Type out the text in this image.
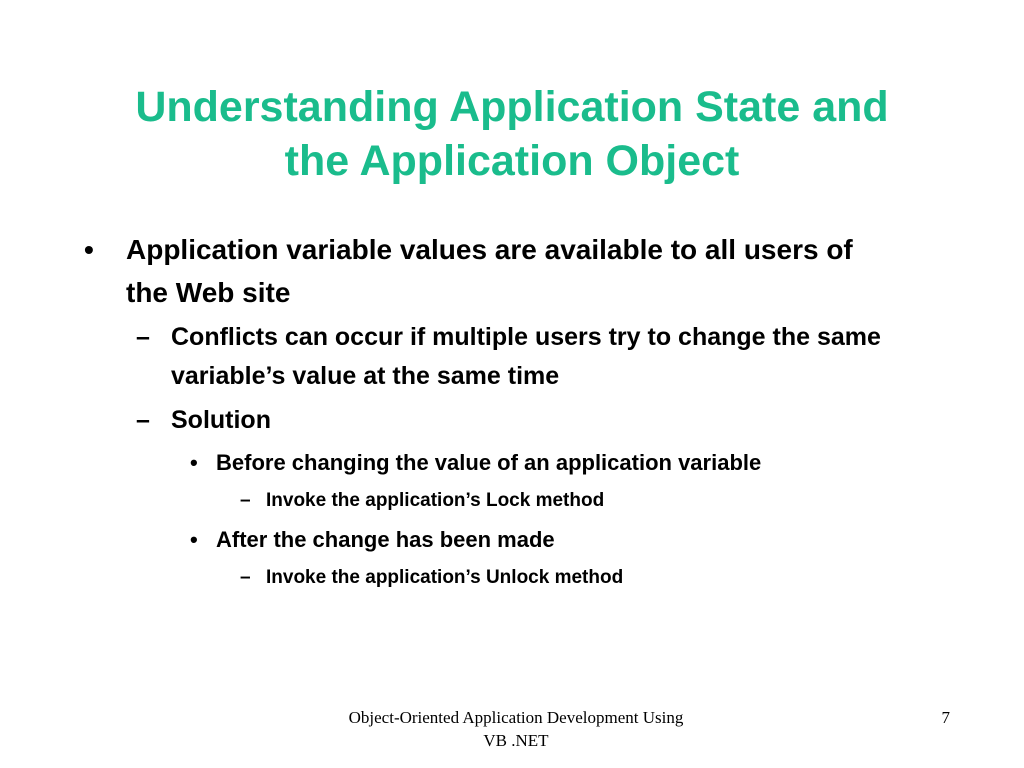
Understanding Application State and
the Application Object
• Application variable values are available to all users of the Web site
– Conflicts can occur if multiple users try to change the same variable’s value at the same time
– Solution
• Before changing the value of an application variable
– Invoke the application’s Lock method
• After the change has been made
– Invoke the application’s Unlock method
Object-Oriented Application Development Using
VB .NET
7
